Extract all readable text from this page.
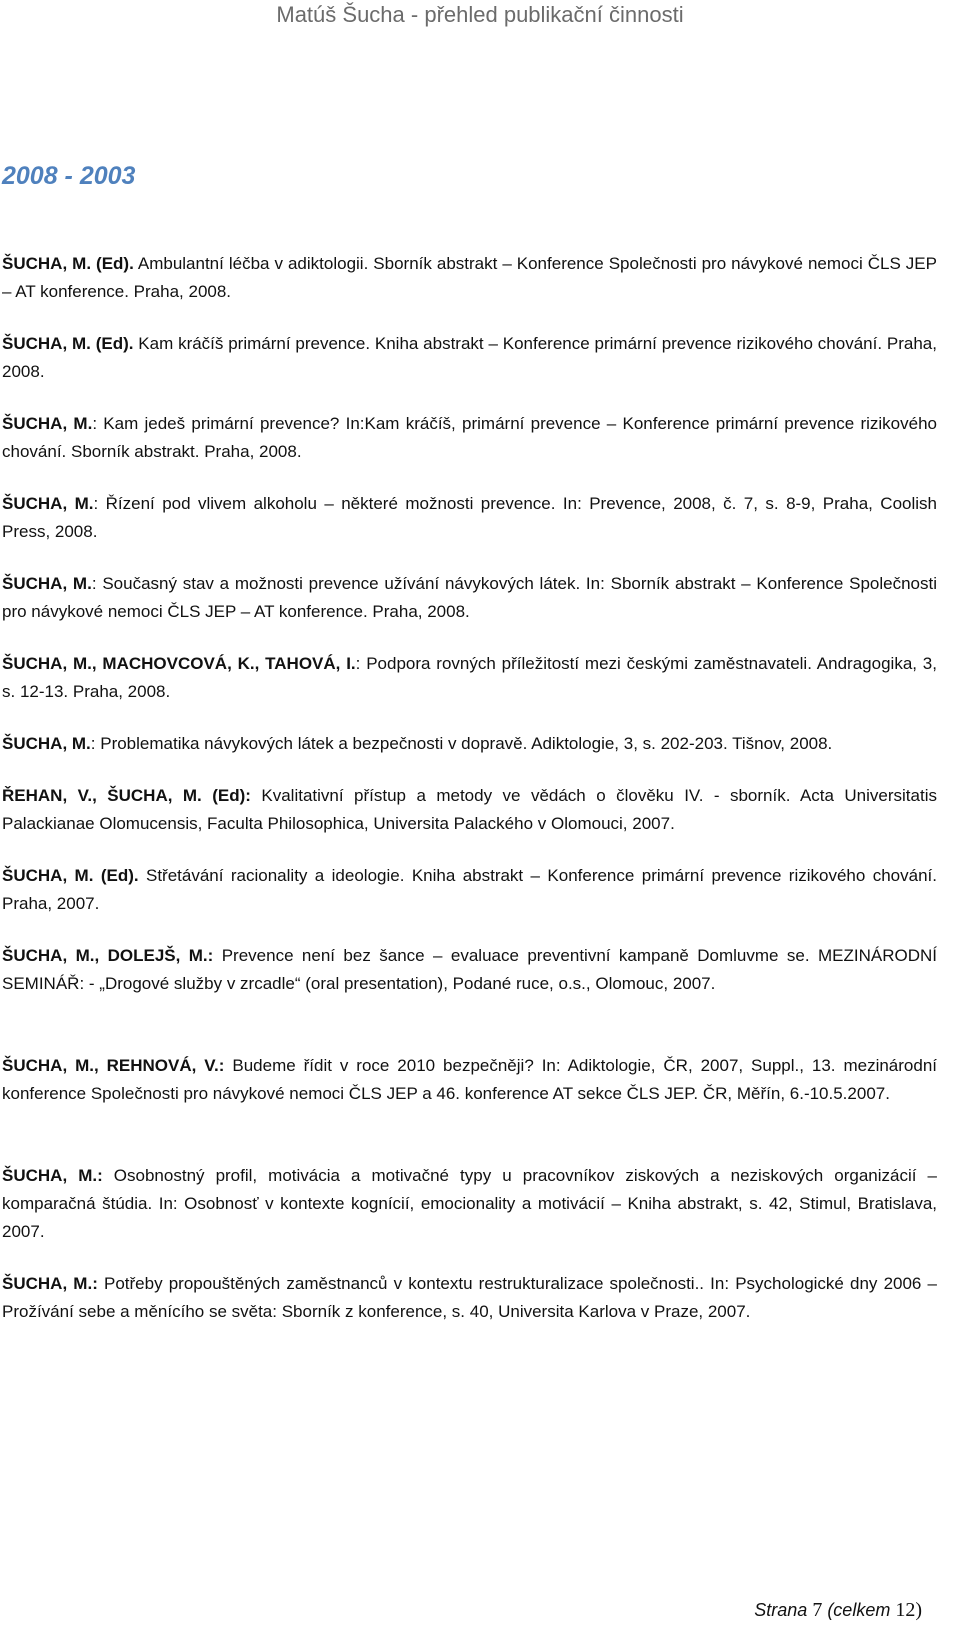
Matúš Šucha - přehled publikační činnosti
2008 - 2003

ŠUCHA, M. (Ed). Ambulantní léčba v adiktologii. Sborník abstrakt – Konference Společnosti pro návykové nemoci ČLS JEP – AT konference. Praha, 2008.

ŠUCHA, M. (Ed). Kam kráčíš primární prevence. Kniha abstrakt – Konference primární prevence rizikového chování. Praha, 2008.

ŠUCHA, M.: Kam jedeš primární prevence? In:Kam kráčíš, primární prevence – Konference primární prevence rizikového chování. Sborník abstrakt. Praha, 2008.

ŠUCHA, M.: Řízení pod vlivem alkoholu – některé možnosti prevence. In: Prevence, 2008, č. 7, s. 8-9, Praha, Coolish Press, 2008.

ŠUCHA, M.: Současný stav a možnosti prevence užívání návykových látek. In: Sborník abstrakt – Konference Společnosti pro návykové nemoci ČLS JEP – AT konference. Praha, 2008.

ŠUCHA, M., MACHOVCOVÁ, K., TAHOVÁ, I.: Podpora rovných příležitostí mezi českými zaměstnavateli. Andragogika, 3, s. 12-13. Praha, 2008.

ŠUCHA, M.: Problematika návykových látek a bezpečnosti v dopravě. Adiktologie, 3, s. 202-203. Tišnov, 2008.

ŘEHAN, V., ŠUCHA, M. (Ed): Kvalitativní přístup a metody ve vědách o člověku IV. - sborník. Acta Universitatis Palackianae Olomucensis, Faculta Philosophica, Universita Palackého v Olomouci, 2007.

ŠUCHA, M. (Ed). Střetávání racionality a ideologie. Kniha abstrakt – Konference primární prevence rizikového chování. Praha, 2007.

ŠUCHA, M., DOLEJŠ, M.: Prevence není bez šance – evaluace preventivní kampaně Domluvme se. MEZINÁRODNÍ SEMINÁŘ: - „Drogové služby v zrcadle“ (oral presentation), Podané ruce, o.s., Olomouc, 2007.

ŠUCHA, M., REHNOVÁ, V.: Budeme řídit v roce 2010 bezpečněji? In: Adiktologie, ČR, 2007, Suppl., 13. mezinárodní konference Společnosti pro návykové nemoci ČLS JEP a 46. konference AT sekce ČLS JEP. ČR, Měřín, 6.-10.5.2007.

ŠUCHA, M.: Osobnostný profil, motivácia a motivačné typy u pracovníkov ziskových a neziskových organizácií – komparačná štúdia. In: Osobnosť v kontexte kognícií, emocionality a motivácií – Kniha abstrakt, s. 42, Stimul, Bratislava, 2007.

ŠUCHA, M.: Potřeby propouštěných zaměstnanců v kontextu restrukturalizace společnosti.. In: Psychologické dny 2006 – Prožívání sebe a měnícího se světa: Sborník z konference, s. 40, Universita Karlova v Praze, 2007.

Strana 7 (celkem 12)
